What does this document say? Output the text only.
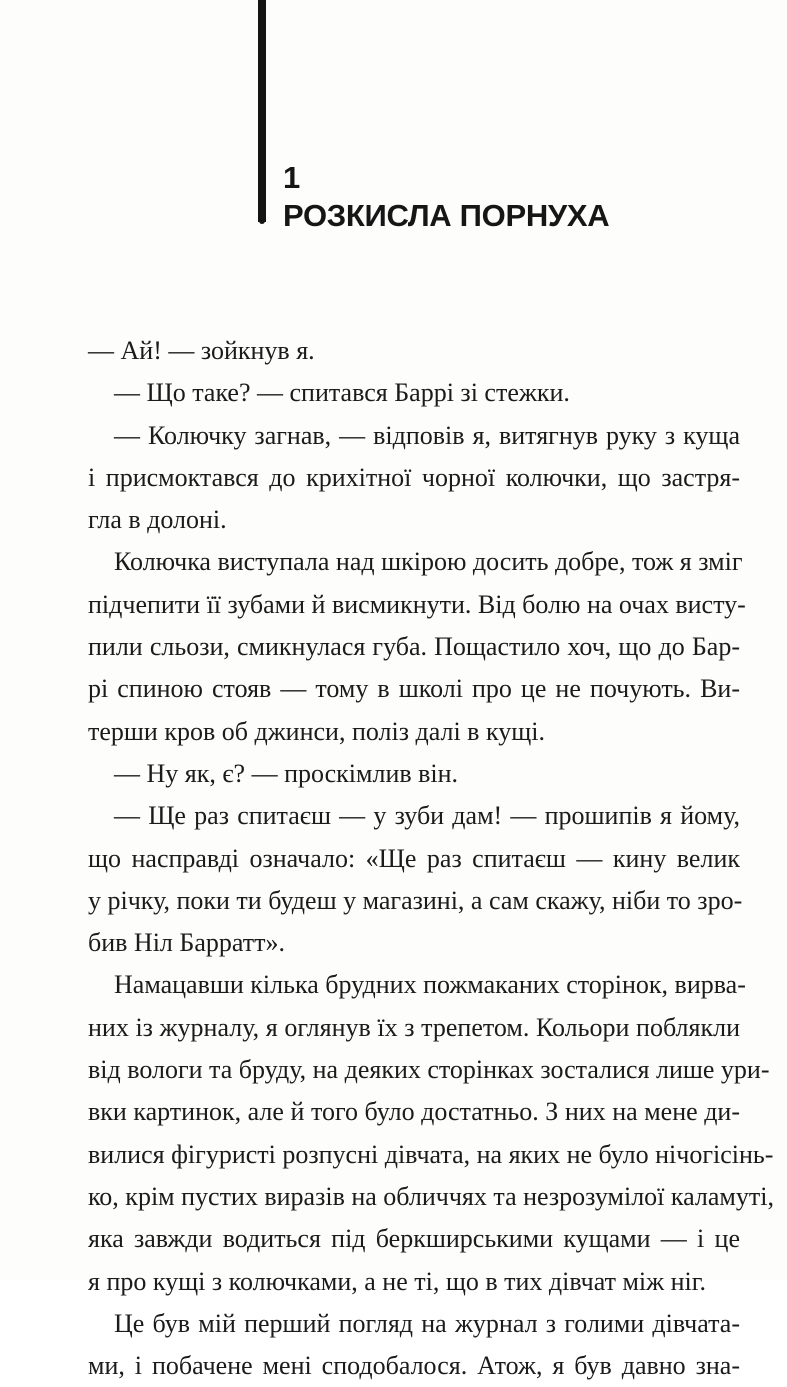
1
РОЗКИСЛА ПОРНУХА
— Ай! — зойкнув я.
— Що таке? — спитався Баррі зі стежки.
— Колючку загнав, — відповів я, витягнув руку з куща
і присмоктався до крихітної чорної колючки, що застря-
гла в долоні.
Колючка виступала над шкірою досить добре, тож я зміг
підчепити її зубами й висмикнути. Від болю на очах висту-
пили сльози, смикнулася губа. Пощастило хоч, що до Бар-
рі спиною стояв — тому в школі про це не почують. Ви-
терши кров об джинси, поліз далі в кущі.
— Ну як, є? — проскімлив він.
— Ще раз спитаєш — у зуби дам! — прошипів я йому,
що насправді означало: «Ще раз спитаєш — кину велик
у річку, поки ти будеш у магазині, а сам скажу, ніби то зро-
бив Ніл Барратт».
Намацавши кілька брудних пожмаканих сторінок, вирва-
них із журналу, я оглянув їх з трепетом. Кольори поблякли
від вологи та бруду, на деяких сторінках зосталися лише ури-
вки картинок, але й того було достатньо. З них на мене ди-
вилися фігуристі розпусні дівчата, на яких не було нічогісінь-
ко, крім пустих виразів на обличчях та незрозумілої каламуті,
яка завжди водиться під беркширськими кущами — і це
я про кущі з колючками, а не ті, що в тих дівчат між ніг.
Це був мій перший погляд на журнал з голими дівчата-
ми, і побачене мені сподобалося. Атож, я був давно зна-
